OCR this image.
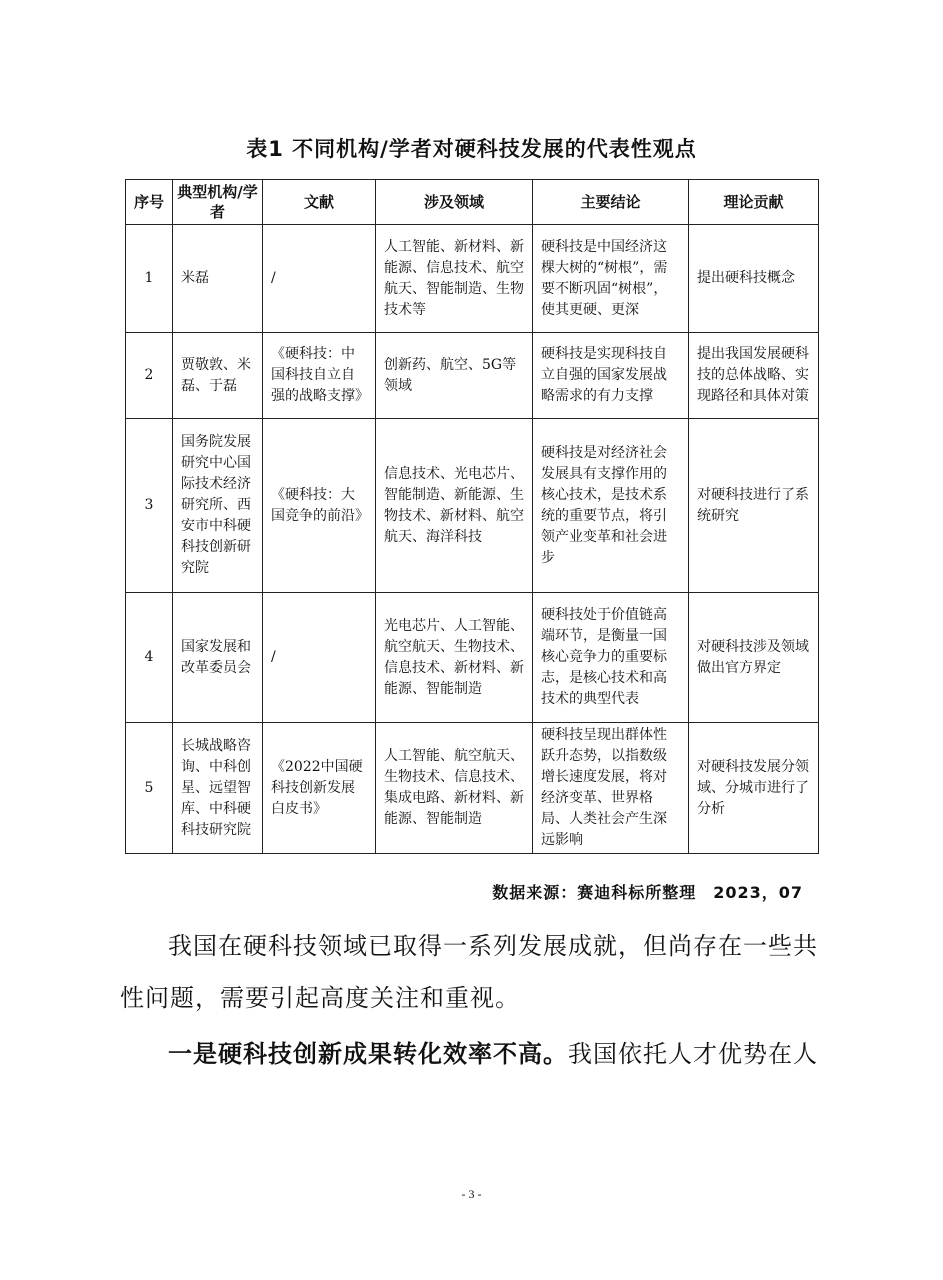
表1 不同机构/学者对硬科技发展的代表性观点
序号	典型机构/学者	文献	涉及领域	主要结论	理论贡献
1	米磊	/	人工智能、新材料、新能源、信息技术、航空航天、智能制造、生物技术等	硬科技是中国经济这棵大树的“树根”，需要不断巩固“树根”，使其更硬、更深	提出硬科技概念
2	贾敬敦、米磊、于磊	《硬科技：中国科技自立自强的战略支撑》	创新药、航空、5G等领域	硬科技是实现科技自立自强的国家发展战略需求的有力支撑	提出我国发展硬科技的总体战略、实现路径和具体对策
3	国务院发展研究中心国际技术经济研究所、西安市中科硬科技创新研究院	《硬科技：大国竞争的前沿》	信息技术、光电芯片、智能制造、新能源、生物技术、新材料、航空航天、海洋科技	硬科技是对经济社会发展具有支撑作用的核心技术，是技术系统的重要节点，将引领产业变革和社会进步	对硬科技进行了系统研究
4	国家发展和改革委员会	/	光电芯片、人工智能、航空航天、生物技术、信息技术、新材料、新能源、智能制造	硬科技处于价值链高端环节，是衡量一国核心竞争力的重要标志，是核心技术和高技术的典型代表	对硬科技涉及领域做出官方界定
5	长城战略咨询、中科创星、远望智库、中科硬科技研究院	《2022中国硬科技创新发展白皮书》	人工智能、航空航天、生物技术、信息技术、集成电路、新材料、新能源、智能制造	硬科技呈现出群体性跃升态势，以指数级增长速度发展，将对经济变革、世界格局、人类社会产生深远影响	对硬科技发展分领域、分城市进行了分析
数据来源：赛迪科标所整理　2023，07
我国在硬科技领域已取得一系列发展成就，但尚存在一些共性问题，需要引起高度关注和重视。
一是硬科技创新成果转化效率不高。我国依托人才优势在人
- 3 -
